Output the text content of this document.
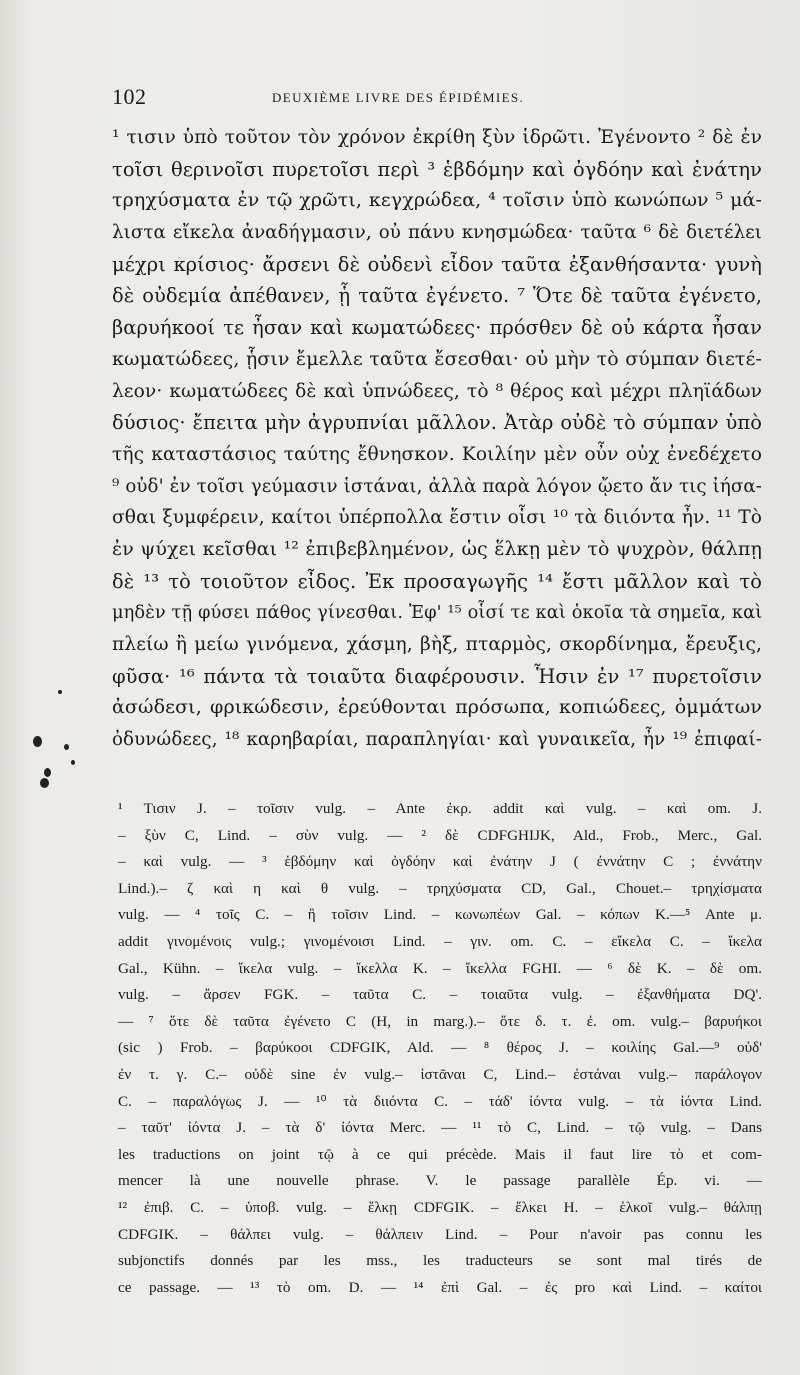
102	DEUXIÈME LIVRE DES ÉPIDÉMIES.
¹ τισιν ὑπὸ τοῦτον τὸν χρόνον ἐκρίθη ξὺν ἱδρῶτι. Ἐγένοντο ² δὲ ἐν
τοῖσι θερινοῖσι πυρετοῖσι περὶ ³ ἑβδόμην καὶ ὀγδόην καὶ ἐνάτην
τρηχύσματα ἐν τῷ χρῶτι, κεγχρώδεα, ⁴ τοῖσιν ὑπὸ κωνώπων ⁵ μά-
λιστα εἴκελα ἀναδήγμασιν, οὐ πάνυ κνησμώδεα· ταῦτα ⁶ δὲ διετέλει
μέχρι κρίσιος· ἄρσενι δὲ οὐδενὶ εἶδον ταῦτα ἐξανθήσαντα· γυνὴ
δὲ οὐδεμία ἀπέθανεν, ᾗ ταῦτα ἐγένετο. ⁷ Ὅτε δὲ ταῦτα ἐγένετο,
βαρυήκοοί τε ἦσαν καὶ κωματώδεες· πρόσθεν δὲ οὐ κάρτα ἦσαν
κωματώδεες, ᾗσιν ἔμελλε ταῦτα ἔσεσθαι· οὐ μὴν τὸ σύμπαν διετέ-
λεον· κωματώδεες δὲ καὶ ὑπνώδεες, τὸ ⁸ θέρος καὶ μέχρι πληϊάδων
δύσιος· ἔπειτα μὴν ἀγρυπνίαι μᾶλλον. Ἀτὰρ οὐδὲ τὸ σύμπαν ὑπὸ
τῆς καταστάσιος ταύτης ἔθνησκον. Κοιλίην μὲν οὖν οὐχ ἐνεδέχετο
⁹ οὐδ' ἐν τοῖσι γεύμασιν ἱστάναι, ἀλλὰ παρὰ λόγον ᾤετο ἄν τις ἰήσα-
σθαι ξυμφέρειν, καίτοι ὑπέρπολλα ἔστιν οἷσι ¹⁰ τὰ διιόντα ἦν. ¹¹ Τὸ
ἐν ψύχει κεῖσθαι ¹² ἐπιβεβλημένον, ὡς ἕλκῃ μὲν τὸ ψυχρὸν, θάλπῃ
δὲ ¹³ τὸ τοιοῦτον εἶδος. Ἐκ προσαγωγῆς ¹⁴ ἔστι μᾶλλον καὶ τὸ
μηδὲν τῇ φύσει πάθος γίνεσθαι. Ἐφ' ¹⁵ οἷσί τε καὶ ὁκοῖα τὰ σημεῖα, καὶ
πλείω ἢ μείω γινόμενα, χάσμη, βὴξ, πταρμὸς, σκορδίνημα, ἔρευξις,
φῦσα· ¹⁶ πάντα τὰ τοιαῦτα διαφέρουσιν. Ἧσιν ἐν ¹⁷ πυρετοῖσιν
ἀσώδεσι, φρικώδεσιν, ἐρεύθονται πρόσωπα, κοπιώδεες, ὀμμάτων
ὀδυνώδεες, ¹⁸ καρηβαρίαι, παραπληγίαι· καὶ γυναικεῖα, ἦν ¹⁹ ἐπιφαί-
¹ Τισιν J. – τοῖσιν vulg. – Ante ἐκρ. addit καὶ vulg. – καὶ om. J.
– ξὺν C, Lind. – σὺν vulg. — ² δὲ CDFGHIJK, Ald., Frob., Merc., Gal.
– καὶ vulg. — ³ ἑβδόμην καὶ ὀγδόην καὶ ἐνάτην J ( ἐννάτην C ; ἐννάτην
Lind.).– ζ καὶ η καὶ θ vulg. – τρηχύσματα CD, Gal., Chouet.– τρηχίσματα
vulg. — ⁴ τοῖς C. – ἢ τοῖσιν Lind. – κωνωπέων Gal. – κόπων K.—⁵ Ante μ.
addit γινομένοις vulg.; γινομένοισι Lind. – γιν. om. C. – εἴκελα C. – ἴκελα
Gal., Kühn. – ἴκελα vulg. – ἴκελλα K. – ἴκελλα FGHI. — ⁶ δὲ K. – δὲ om.
vulg. – ἄρσεν FGK. – ταῦτα C. – τοιαῦτα vulg. – ἐξανθήματα DQ'.
— ⁷ ὅτε δὲ ταῦτα ἐγένετο C (H, in marg.).– ὅτε δ. τ. ἐ. om. vulg.– βαρυήκοι
(sic ) Frob. – βαρύκοοι CDFGIK, Ald. — ⁸ θέρος J. – κοιλίης Gal.—⁹ οὐδ'
ἐν τ. γ. C.– οὐδὲ sine ἐν vulg.– ἱστᾶναι C, Lind.– ἐστάναι vulg.– παράλογον
C. – παραλόγως J. — ¹⁰ τὰ διιόντα C. – τάδ' ἰόντα vulg. – τὰ ἰόντα Lind.
– ταῦτ' ἰόντα J. – τὰ δ' ἰόντα Merc. — ¹¹ τὸ C, Lind. – τῷ vulg. – Dans
les traductions on joint τῷ à ce qui précède. Mais il faut lire τὸ et com-
mencer là une nouvelle phrase. V. le passage parallèle Ép. vi. —
¹² ἐπιβ. C. – ὑποβ. vulg. – ἕλκῃ CDFGIK. – ἕλκει H. – ἑλκοῖ vulg.– θάλπῃ
CDFGIK. – θάλπει vulg. – θάλπειν Lind. – Pour n'avoir pas connu les
subjonctifs donnés par les mss., les traducteurs se sont mal tirés de
ce passage. — ¹³ τὸ om. D. — ¹⁴ ἐπὶ Gal. – ἐς pro καὶ Lind. – καίτοι
